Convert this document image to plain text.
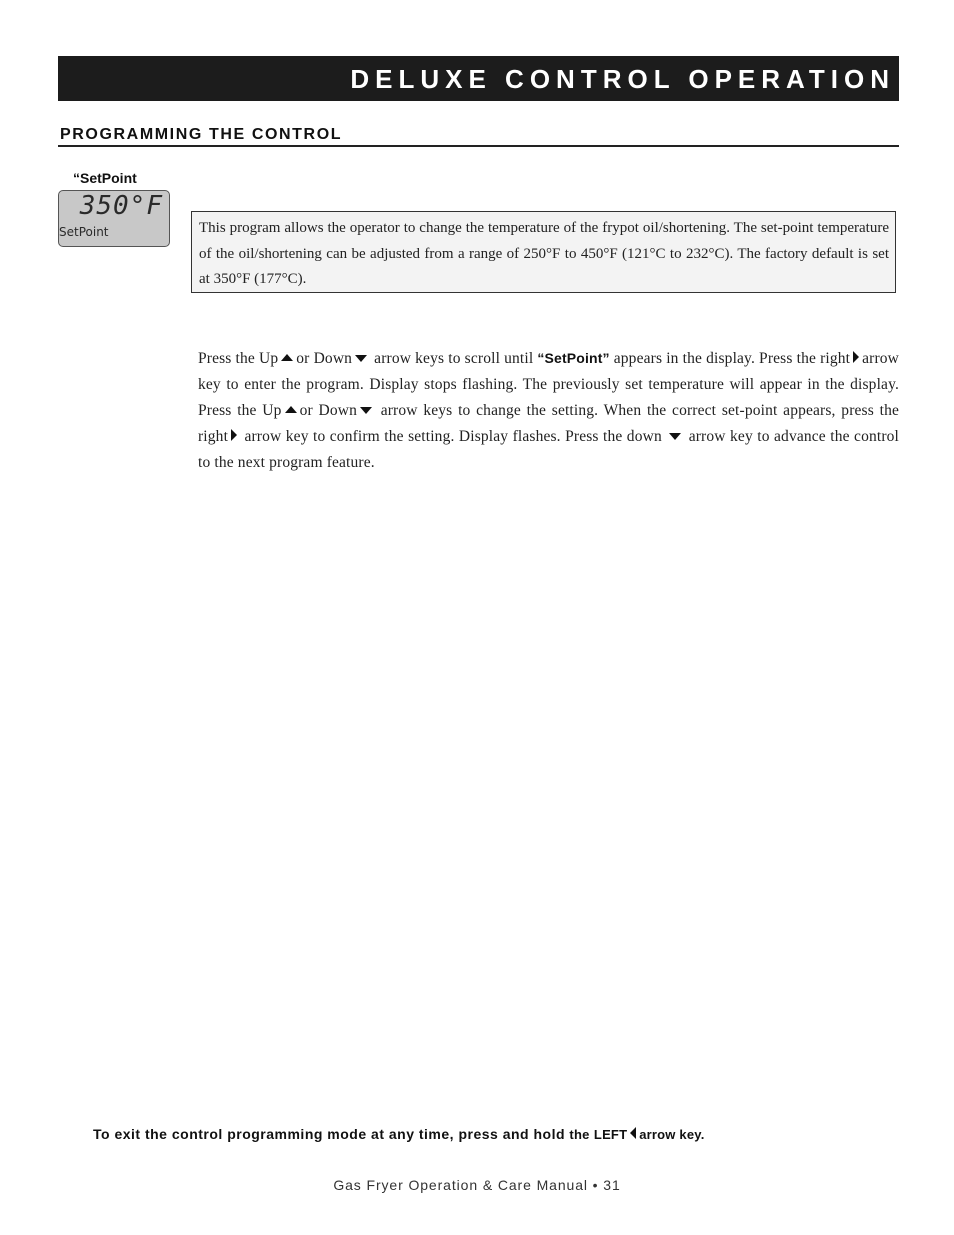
DELUXE CONTROL OPERATION
PROGRAMMING THE CONTROL
“SetPoint
350°F
SetPoint	This program allows the operator to change the temperature of the frypot oil/shortening. The set-point temperature of the oil/shortening can be adjusted from a range of 250°F to 450°F (121°C to 232°C). The factory default is set at 350°F (177°C).
Press the Up or Down arrow keys to scroll until “SetPoint” appears in the display. Press the right arrow key to enter the program. Display stops flashing. The previously set temperature will appear in the display. Press the Up or Down arrow keys to change the setting. When the correct set-point appears, press the right arrow key to confirm the setting. Display flashes. Press the down arrow key to advance the control to the next program feature.
To exit the control programming mode at any time, press and hold the LEFT arrow key.
Gas Fryer Operation & Care Manual • 31
